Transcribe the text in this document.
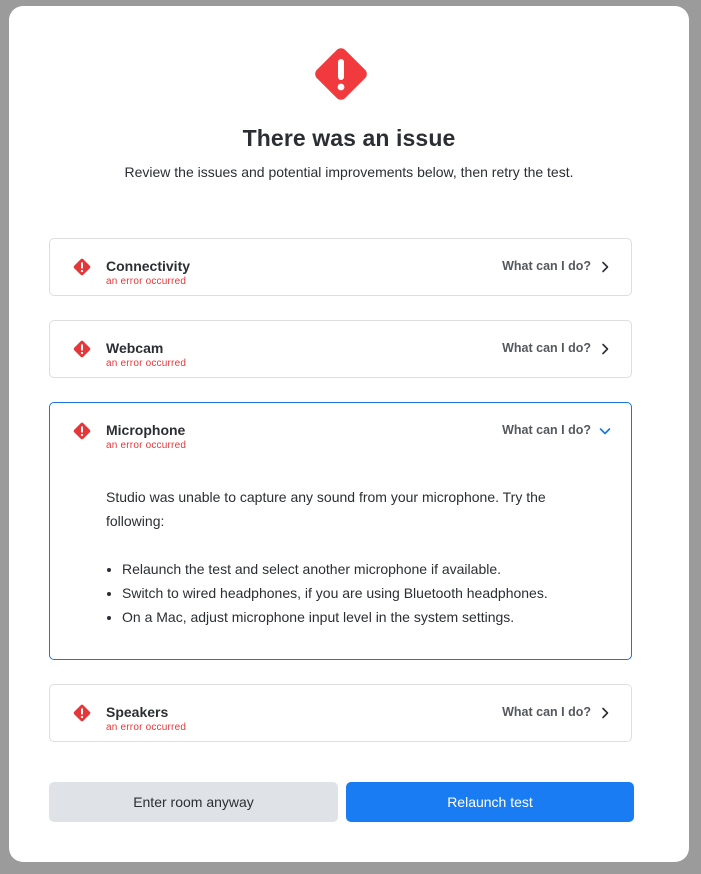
There was an issue
Review the issues and potential improvements below, then retry the test.
Connectivity
an error occurred
What can I do?
Webcam
an error occurred
What can I do?
Microphone
an error occurred
What can I do?

Studio was unable to capture any sound from your microphone. Try the following:

• Relaunch the test and select another microphone if available.
• Switch to wired headphones, if you are using Bluetooth headphones.
• On a Mac, adjust microphone input level in the system settings.
Speakers
an error occurred
What can I do?
Enter room anyway	Relaunch test
